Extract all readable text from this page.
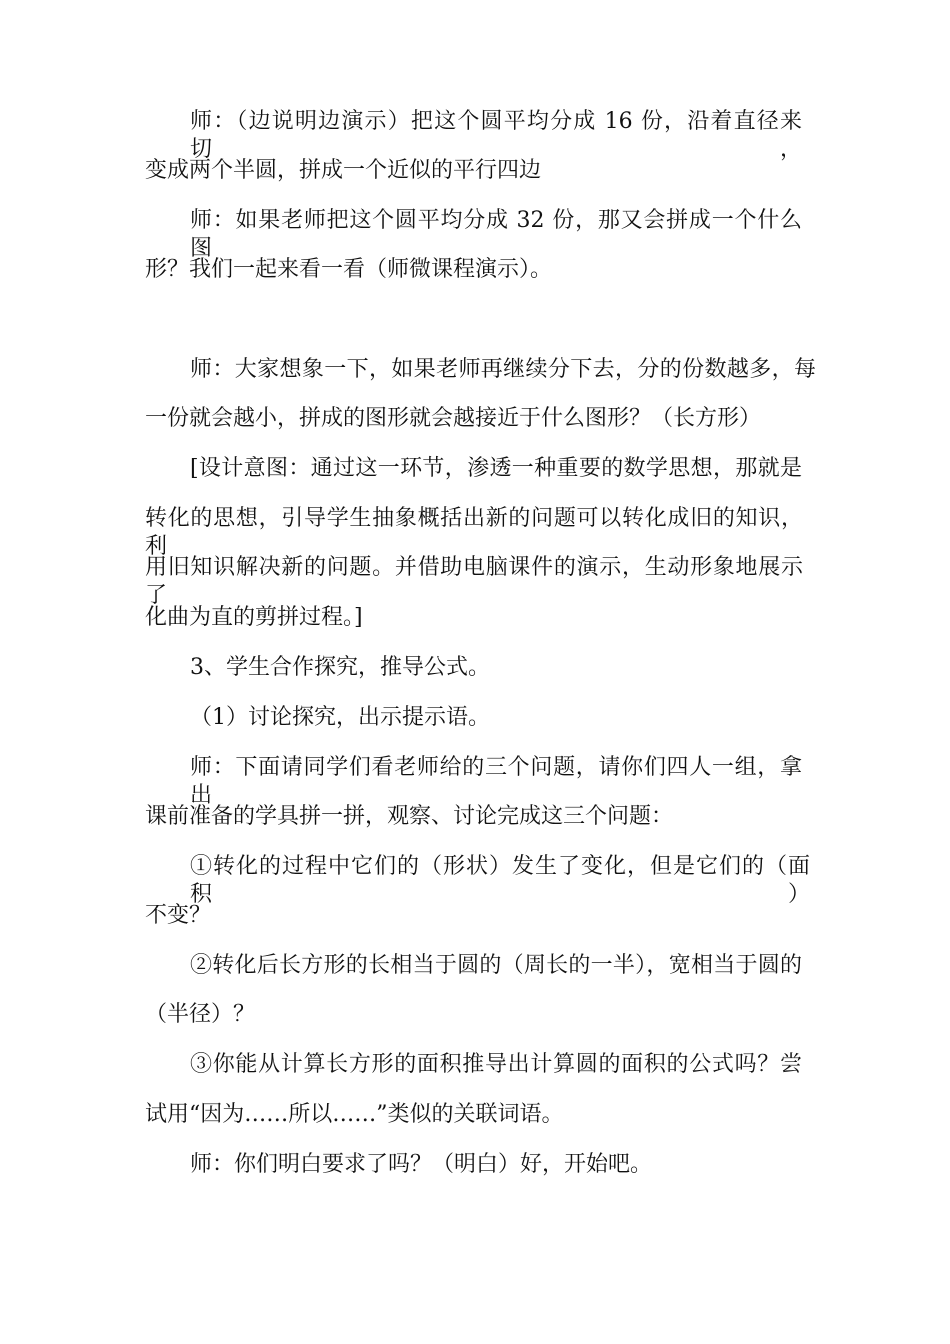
师：（边说明边演示）把这个圆平均分成 16 份，沿着直径来切，

变成两个半圆，拼成一个近似的平行四边

师：如果老师把这个圆平均分成 32 份，那又会拼成一个什么图

形？我们一起来看一看（师微课程演示）。

师：大家想象一下，如果老师再继续分下去，分的份数越多，每

一份就会越小，拼成的图形就会越接近于什么图形？（长方形）

[设计意图：通过这一环节，渗透一种重要的数学思想，那就是

转化的思想，引导学生抽象概括出新的问题可以转化成旧的知识，利

用旧知识解决新的问题。并借助电脑课件的演示，生动形象地展示了

化曲为直的剪拼过程。]

3、学生合作探究，推导公式。

（1）讨论探究，出示提示语。

师：下面请同学们看老师给的三个问题，请你们四人一组，拿出

课前准备的学具拼一拼，观察、讨论完成这三个问题：

①转化的过程中它们的（形状）发生了变化，但是它们的（面积）

不变？

②转化后长方形的长相当于圆的（周长的一半），宽相当于圆的

（半径）？

③你能从计算长方形的面积推导出计算圆的面积的公式吗？尝

试用“因为……所以……”类似的关联词语。

师：你们明白要求了吗？（明白）好，开始吧。
